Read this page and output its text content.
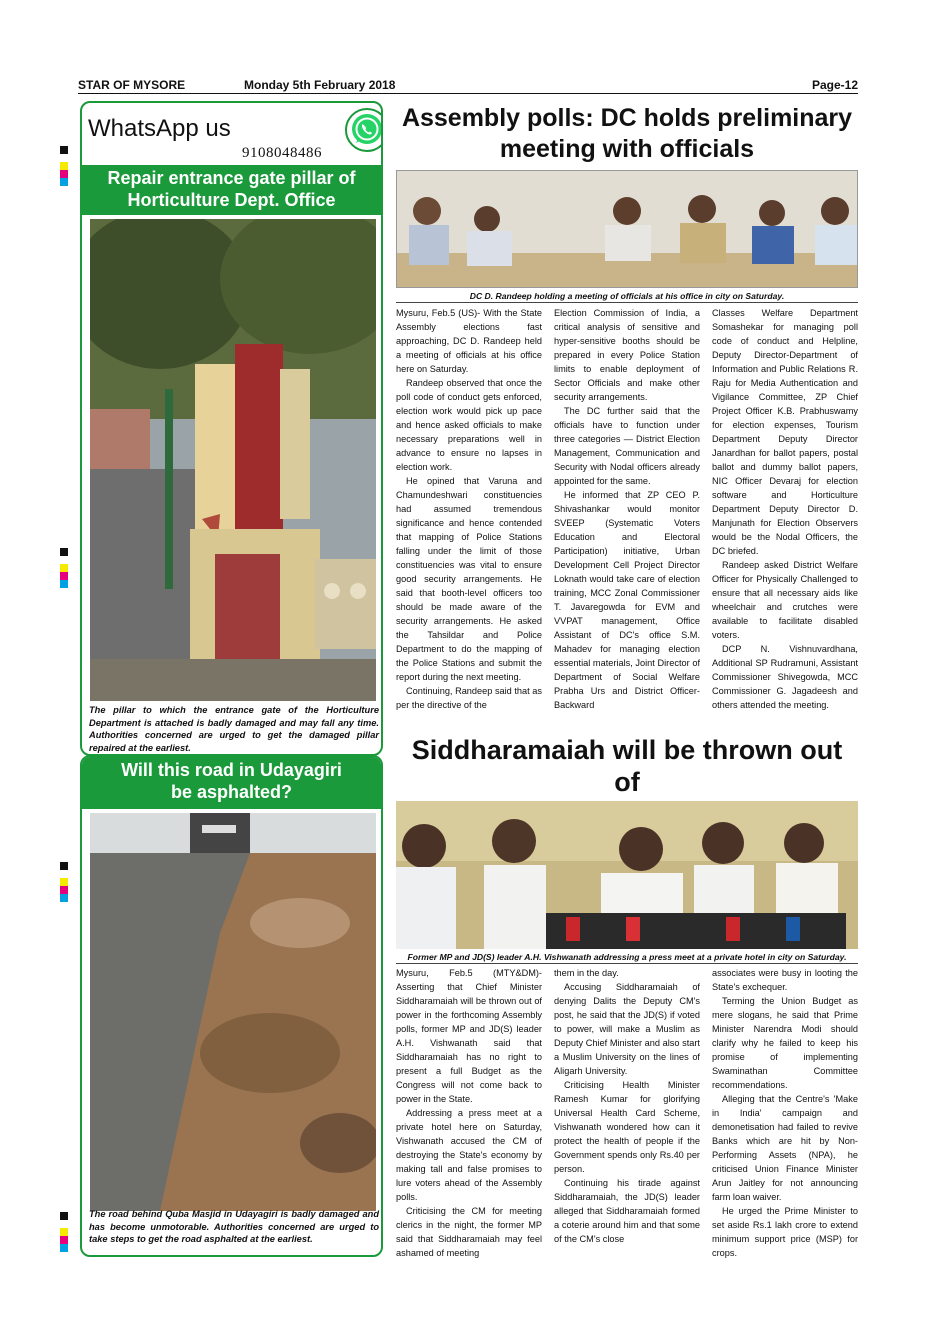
STAR OF MYSORE	Monday 5th February 2018	Page-12
WhatsApp us
9108048486
Repair entrance gate pillar of
Horticulture Dept. Office
The pillar to which the entrance gate of the Horticulture Department is attached is badly damaged and may fall any time. Authorities concerned are urged to get the damaged pillar repaired at the earliest.
Will this road in Udayagiri
be asphalted?
The road behind Quba Masjid in Udayagiri is badly damaged and has become unmotorable. Authorities concerned are urged to take steps to get the road asphalted at the earliest.
Assembly polls: DC holds preliminary
meeting with officials
DC D. Randeep holding a meeting of officials at his office in city on Saturday.

Mysuru, Feb.5 (US)- With the State Assembly elections fast approaching, DC D. Randeep held a meeting of officials at his office here on Saturday.

Randeep observed that once the poll code of conduct gets enforced, election work would pick up pace and hence asked officials to make necessary preparations well in advance to ensure no lapses in election work.

He opined that Varuna and Chamundeshwari constituencies had assumed tremendous significance and hence contended that mapping of Police Stations falling under the limit of those constituencies was vital to ensure good security arrangements. He said that booth-level officers too should be made aware of the security arrangements. He asked the Tahsildar and Police Department to do the mapping of the Police Stations and submit the report during the next meeting.

Continuing, Randeep said that as per the directive of the

Election Commission of India, a critical analysis of sensitive and hyper-sensitive booths should be prepared in every Police Station limits to enable deployment of Sector Officials and make other security arrangements.

The DC further said that the officials have to function under three categories — District Election Management, Communication and Security with Nodal officers already appointed for the same.

He informed that ZP CEO P. Shivashankar would monitor SVEEP (Systematic Voters Education and Electoral Participation) initiative, Urban Development Cell Project Director Loknath would take care of election training, MCC Zonal Commissioner T. Javaregowda for EVM and VVPAT management, Office Assistant of DC's office S.M. Mahadev for managing election essential materials, Joint Director of Department of Social Welfare Prabha Urs and District Officer-Backward

Classes Welfare Department Somashekar for managing poll code of conduct and Helpline, Deputy Director-Department of Information and Public Relations R. Raju for Media Authentication and Vigilance Committee, ZP Chief Project Officer K.B. Prabhuswamy for election expenses, Tourism Department Deputy Director Janardhan for ballot papers, postal ballot and dummy ballot papers, NIC Officer Devaraj for election software and Horticulture Department Deputy Director D. Manjunath for Election Observers would be the Nodal Officers, the DC briefed.

Randeep asked District Welfare Officer for Physically Challenged to ensure that all necessary aids like wheelchair and crutches were available to facilitate disabled voters.

DCP N. Vishnuvardhana, Additional SP Rudramuni, Assistant Commissioner Shivegowda, MCC Commissioner G. Jagadeesh and others attended the meeting.

Siddharamaiah will be thrown out of
Former MP and JD(S) leader A.H. Vishwanath addressing a press meet at a private hotel in city on Saturday.

Mysuru, Feb.5 (MTY&DM)- Asserting that Chief Minister Siddharamaiah will be thrown out of power in the forthcoming Assembly polls, former MP and JD(S) leader A.H. Vishwanath said that Siddharamaiah has no right to present a full Budget as the Congress will not come back to power in the State.

Addressing a press meet at a private hotel here on Saturday, Vishwanath accused the CM of destroying the State's economy by making tall and false promises to lure voters ahead of the Assembly polls.

Criticising the CM for meeting clerics in the night, the former MP said that Siddharamaiah may feel ashamed of meeting

them in the day.

Accusing Siddharamaiah of denying Dalits the Deputy CM's post, he said that the JD(S) if voted to power, will make a Muslim as Deputy Chief Minister and also start a Muslim University on the lines of Aligarh University.

Criticising Health Minister Ramesh Kumar for glorifying Universal Health Card Scheme, Vishwanath wondered how can it protect the health of people if the Government spends only Rs.40 per person.

Continuing his tirade against Siddharamaiah, the JD(S) leader alleged that Siddharamaiah formed a coterie around him and that some of the CM's close

associates were busy in looting the State's exchequer.

Terming the Union Budget as mere slogans, he said that Prime Minister Narendra Modi should clarify why he failed to keep his promise of implementing Swaminathan Committee recommendations.

Alleging that the Centre's 'Make in India' campaign and demonetisation had failed to revive Banks which are hit by Non-Performing Assets (NPA), he criticised Union Finance Minister Arun Jaitley for not announcing farm loan waiver.

He urged the Prime Minister to set aside Rs.1 lakh crore to extend minimum support price (MSP) for crops.
